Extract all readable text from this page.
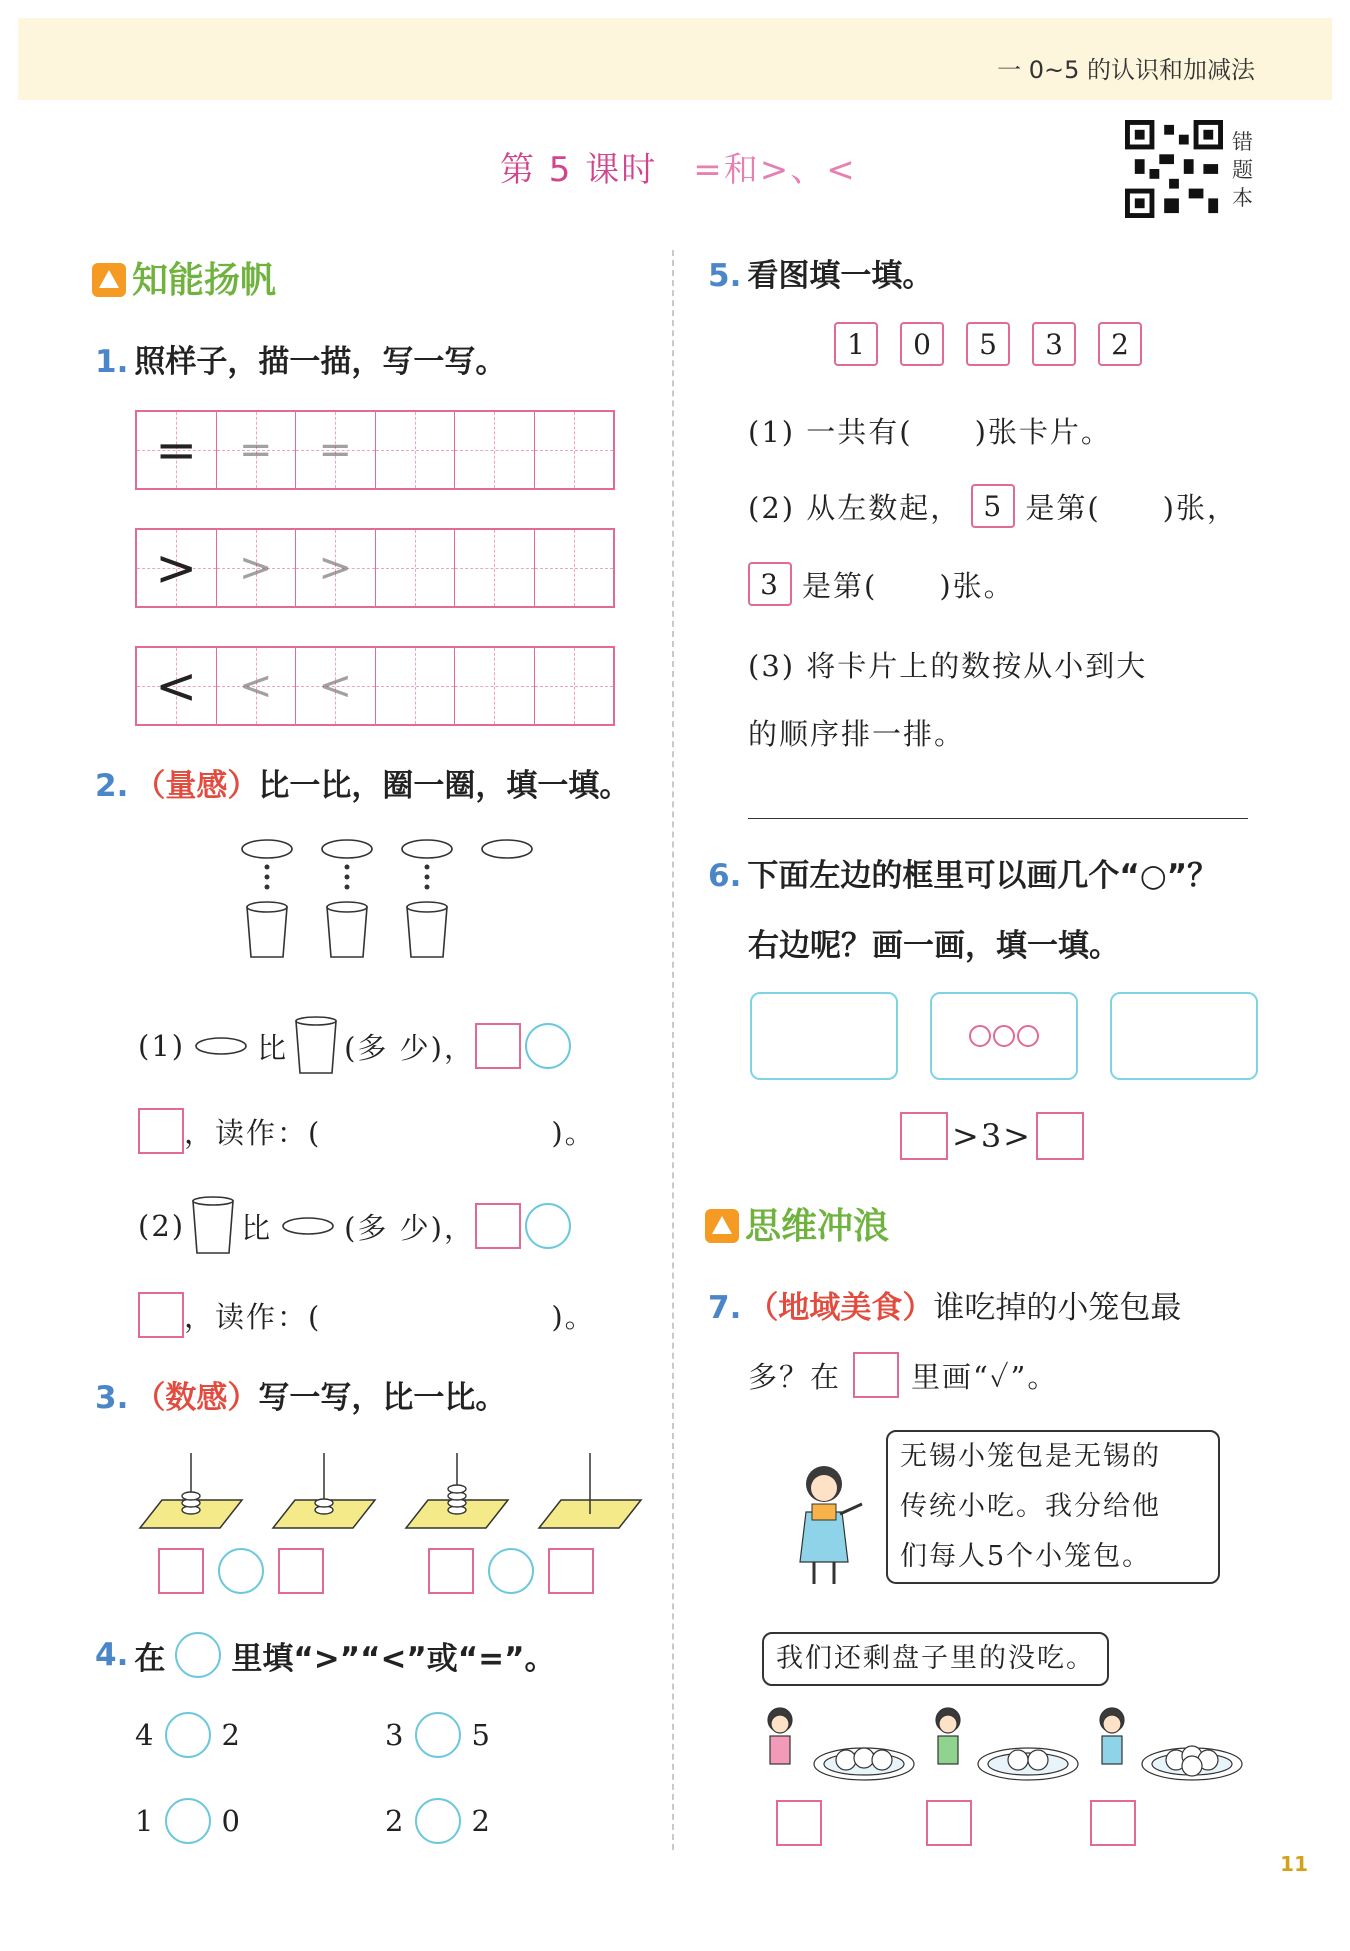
一 0~5 的认识和加减法
第 5 课时 =和>、<
错题本
知能扬帆
1. 照样子，描一描，写一写。
= = =
> > >
< < <
2. （量感）比一比，圈一圈，填一填。
(1) 比 (多 少)，
，读作：(	)。
(2) 比 (多 少)，
，读作：(	)。
3. （数感）写一写，比一比。
4. 在 里填“>”“<”或“=”。
4 2	3 5
1 0	2 2
5. 看图填一填。
1	0	5	3	2
(1) 一共有(　　)张卡片。
(2) 从左数起， 5 是第(　　)张，
3 是第(　　)张。
(3) 将卡片上的数按从小到大
的顺序排一排。
6. 下面左边的框里可以画几个“○”？
右边呢？画一画，填一填。
>3>
思维冲浪
7. （地域美食）谁吃掉的小笼包最
多？在 里画“✓”。
无锡小笼包是无锡的
传统小吃。我分给他
们每人5个小笼包。
我们还剩盘子里的没吃。
11
